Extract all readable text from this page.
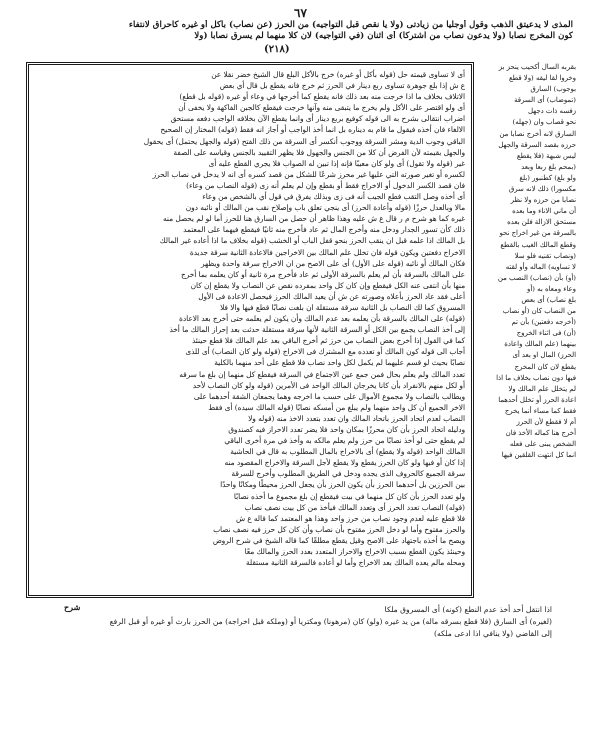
٦٧
المذى لا يدعيتق الذهب وقول أوجليا من زيادتى (ولا يا نقص قبل التواجيه) من الحرز (عن نصاب) بأكل أو غيره كاحراق لانتفاء
كون المخرج نصابا (ولا يدعون نصاب من اشتركا) أى اثنان (في التواجيه) لان كلا منهما لم يسرق نصابا (ولا
(٢١٨)
أى لا تساوى قيمته حل (قوله بأكل أو غيره) خرج بالأكل البلع قال الشيخ خضر نقلا عن
ع ش إذا بلع جوهرة تساوى ربع دينار في الحرز ثم خرج فانه يقطع بل قال أي بعض
الاتلاف بخلاف ما اذا خرجت منه بعد ذلك فانه يقطع كما أخرجها في وعاء أو غيره (قوله بل قطع)
أى ولو اقتصر على الأكل ولم يخرج ما يتبقى منه وآنها خرجت فيقطع كالجبن الفاكهة ولا يخفى أن
اضراب انتقالى بشرح به الى قوله كوفيع بربع دينار أى وانما يقطع الآن بخلافه الواجب دفعه مستحق
الالغاء فان أخذه فيقول ما قام به ديناره بل انما أخذ الواجب أو أجاز انه فقط (قوله) المختار إن الصحيح
الباقي وجوب الدية ومشر السرقة ووجوب أنكسر أى السرقة من ذلك الفتح (قوله والجهل يحتمل) أى يحقول
والجهل بقيمته لأن الفرض أن كلا من الجنس والجهول فلا يظهر التقييد بالجنس وقياسه على الصفة
غير (قوله ولا تقول) أى ولو كان معيبًا فإنه إذا تبين له الصواب فلا يجري القطع عليه أى
لكسره أو تغير صورته التي عليها غير محرز شرعًا للشكل من قصد كسره أى انه لا يدخل في نصاب الحرز
فان قصد الكسر الدخول أو الاخراج فقط أو بقطع وإن لم يعلم أنه زى (قوله النصاب من وعاء)
أى أخذه وصل التقب فطع الجيب أنه فى زى وبذلك يفرق في قول أي بالشخص من وعاء
مالا وبالعدل حرزًا (قوله وأعادة الحرز) أى ينجي تعلق باب وإصلاح نقب من المالك أو نائبه دون
غيره كما هو شرح م ر قال ع ش عليه وهذا ظاهر أن حصل من السارق هنا للحرز أما لو لم يحصل منه
ذلك كأن تسور الجدار ودخل منه وأخرج المال ثم عاد فأخرج منه ثانيًا فيقطع فيهما على المعتمد
بل المالك اذا علمه قبل ان ينقب الحرز بنحو قفل الباب أو الخشب (قوله بخلاف ما اذا أعاده غير المالك
الاخراج دفعتين ويكون قوله فان تخلل علم المالك بين الاخراجين فالاعادة الثانية سرقة جديدة
فكان المالك أو نائبه (قوله على الأول) أى على الاصح من ان الاخراج سرقة واحدة ويظهر
على المالك بالسرقة بأن لم يعلم بالسرقة الأولى ثم عاد فأخرج مرة ثانية أو كان يعلمه بما أخرج
منها بأن انتفى عنه الكل فيقطع وإن كان كل واحد بمفرده نقص عن النصاب ولا يقطع إن كان
أعلى فقد عاد الحرز بأعلاه وصورته عن ش أن يعيد المالك الحرز فيحصل الاعادة فى الأول
المسروق كما لك النصاب بل الثانية سرقة مستقلة ان بلغت نصابًا قطع فيها والا فلا
(قوله) على المالك بالسرقة بأن يعلمه بعد عدم المالك وأن يكون لم يعلمه حتى أخرج بعد الاعادة
إلى أخذ النصاب يجمع بين الكل أو السرقة الثانية لأنها سرقة مستقلة حدثت بعد إحراز المالك ما أخذ
كما في القول إذا أخرج بعض النصاب من حرز ثم أخرج الباقي بعد علم المالك فلا قطع حينئذ
أجاب الى قوله كون المالك أو تعدده مع المشترك فى الاخراج (قوله ولو كان النصاب) أى للذى
نصابًا بحيث لو قسم عليهما لم يكمل لكل واحد نصاب فلا قطع على أحد منهما بالكلية
تعدد المالك ولم يعلم بحال فمن جمع عين الاجتماع في السرقة فيقطع كل منهما إن بلغ ما سرقه
أو لكل منهم بالانفراد بأن كانا يخرجان المالك الواحد فى الأمرين (قوله ولو كان النصاب لأحد
ويطالب بالنصاب ولا مجموع الأموال على حسب ما اخرجه وهما يجمعان الشقة أحدهما على
الاخر الجميع أن كل واحد منهما ولم يبلغ من أمسكه نصابًا (قوله المالك سيده) أى فقط
النصاب لعدم اتحاد الحرز باتحاد المالك وان تعدد بتعدد الاخذ منه (قوله ولا
ودليله اتحاد الحرز بأن كان محرزًا بمكان واحد فلا يضر تعدد الاحراز فيه كصندوق
لم يقطع حتى لو أخذ نصابًا من حرز ولم يعلم مالكه به وأخذ في مرة أخرى الباقي
المالك الواحد (قوله ولا يقطع) أى بالاخراج بالمال المطلوب به قال في الحاشية
إذا كان أو فيها ولو كان الحرز يقطع ولا يقطع لأجل السرقة والاخراج المقصود منه
سرقة الجميع كالحروف الذى يجده ودخل في الطريق المطلوب وأخرج للسرقة
بين الحرزين بل أحدهما الحرز بأن يكون الحرز بأن يجعل الحرز محيطًا ومكانًا واحدًا
ولو تعدد الحرز بأن كان كل منهما في بيت فيقطع إن بلغ مجموع ما أخذه نصابًا
(قوله) النصاب تعدد الحرز أى وتعدد المالك فيأخذ من كل بيت نصف نصاب
فلا قطع عليه لعدم وجود نصاب من حرز واحد وهذا هو المعتمد كما قاله ع ش
والحرز مقتوح وأما لو دخل الحرز مقتوح بأن نصاب وأن كان كل حرز فيه نصف نصاب
ويصح ما أخذه باجتهاد على الاصح وقيل يقطع مطلقًا كما قاله الشيخ في شرح الروض
وحينئذ يكون القطع بسبب الاخراج والاحراز المتعدد بعدد الحرز والمالك معًا
ومحله مالم يعده المالك بعد الاخراج وأما لو أعاده فالسرقة الثانية مستقلة
بقربه السال أكحيب ينحز بز
وخروا لقا ليقه (ولا قطع
بوجوب) السارق
(تموضاب) أى السرقة
زفسه ذات دجهل
نحو قصاب وان (جهله)
السارق لانه أخرج نصابا من
حرزه بقصد السرقة والجهل
ليس شبهة (فلا يقطع
(بمحم بلغ ربعا وبعد
ولو بلغ) كطنبور (بلغ
مكسورا) ذلك لانه سرق
نصابا من حرزه ولا نظر
أن ماني الاناء وما بعده
مستحق الازالة فلن بعده
بالسرقة من غير اخراج نحو
وقطع المالك الغيب بالقطع
(ونصاب تقنيه فلو سلا
لا تساويه) الماله وأو لقته
(أو) بأن (نصاب) النصب من
وعاء ومعاه به (أو
بلغ نصاب) أى بعض
من النصاب كان (أو نصاب
(أخرجه دفعتين) بأن تم
(أن) فى اثناء الخروج
بينهما (علم المالك واعادة
الحرز) المال او بعد أى
يقطع لان كان المخرج
فيها دون نصاب بخلاف ما اذا
لم يتخلل علم المالك ولا
اعادة الحرز أو تخلل أحدهما
فقط كما مساء أنما يخرج
أم لا فقطع لأن الحرز
أخرج هنا كماله الأخذ فان
الشخص يبنى على فعله
انما كل انتهت القلقين فيها
شرح	اذا انتقل أحد أخذ عدم النطع (كونه) أى المسروق ملكا
(لغيره) أى السارق (فلا قطع بسرقه ماله) من يد غيره (ولو) كان (مرهونا) ومكتريا أو (وملكه قبل اخراجه) من الحرز بارث أو غيره أو قبل الرفع
إلى القاضي (ولا ينافي اذا ادعى ملكه)
